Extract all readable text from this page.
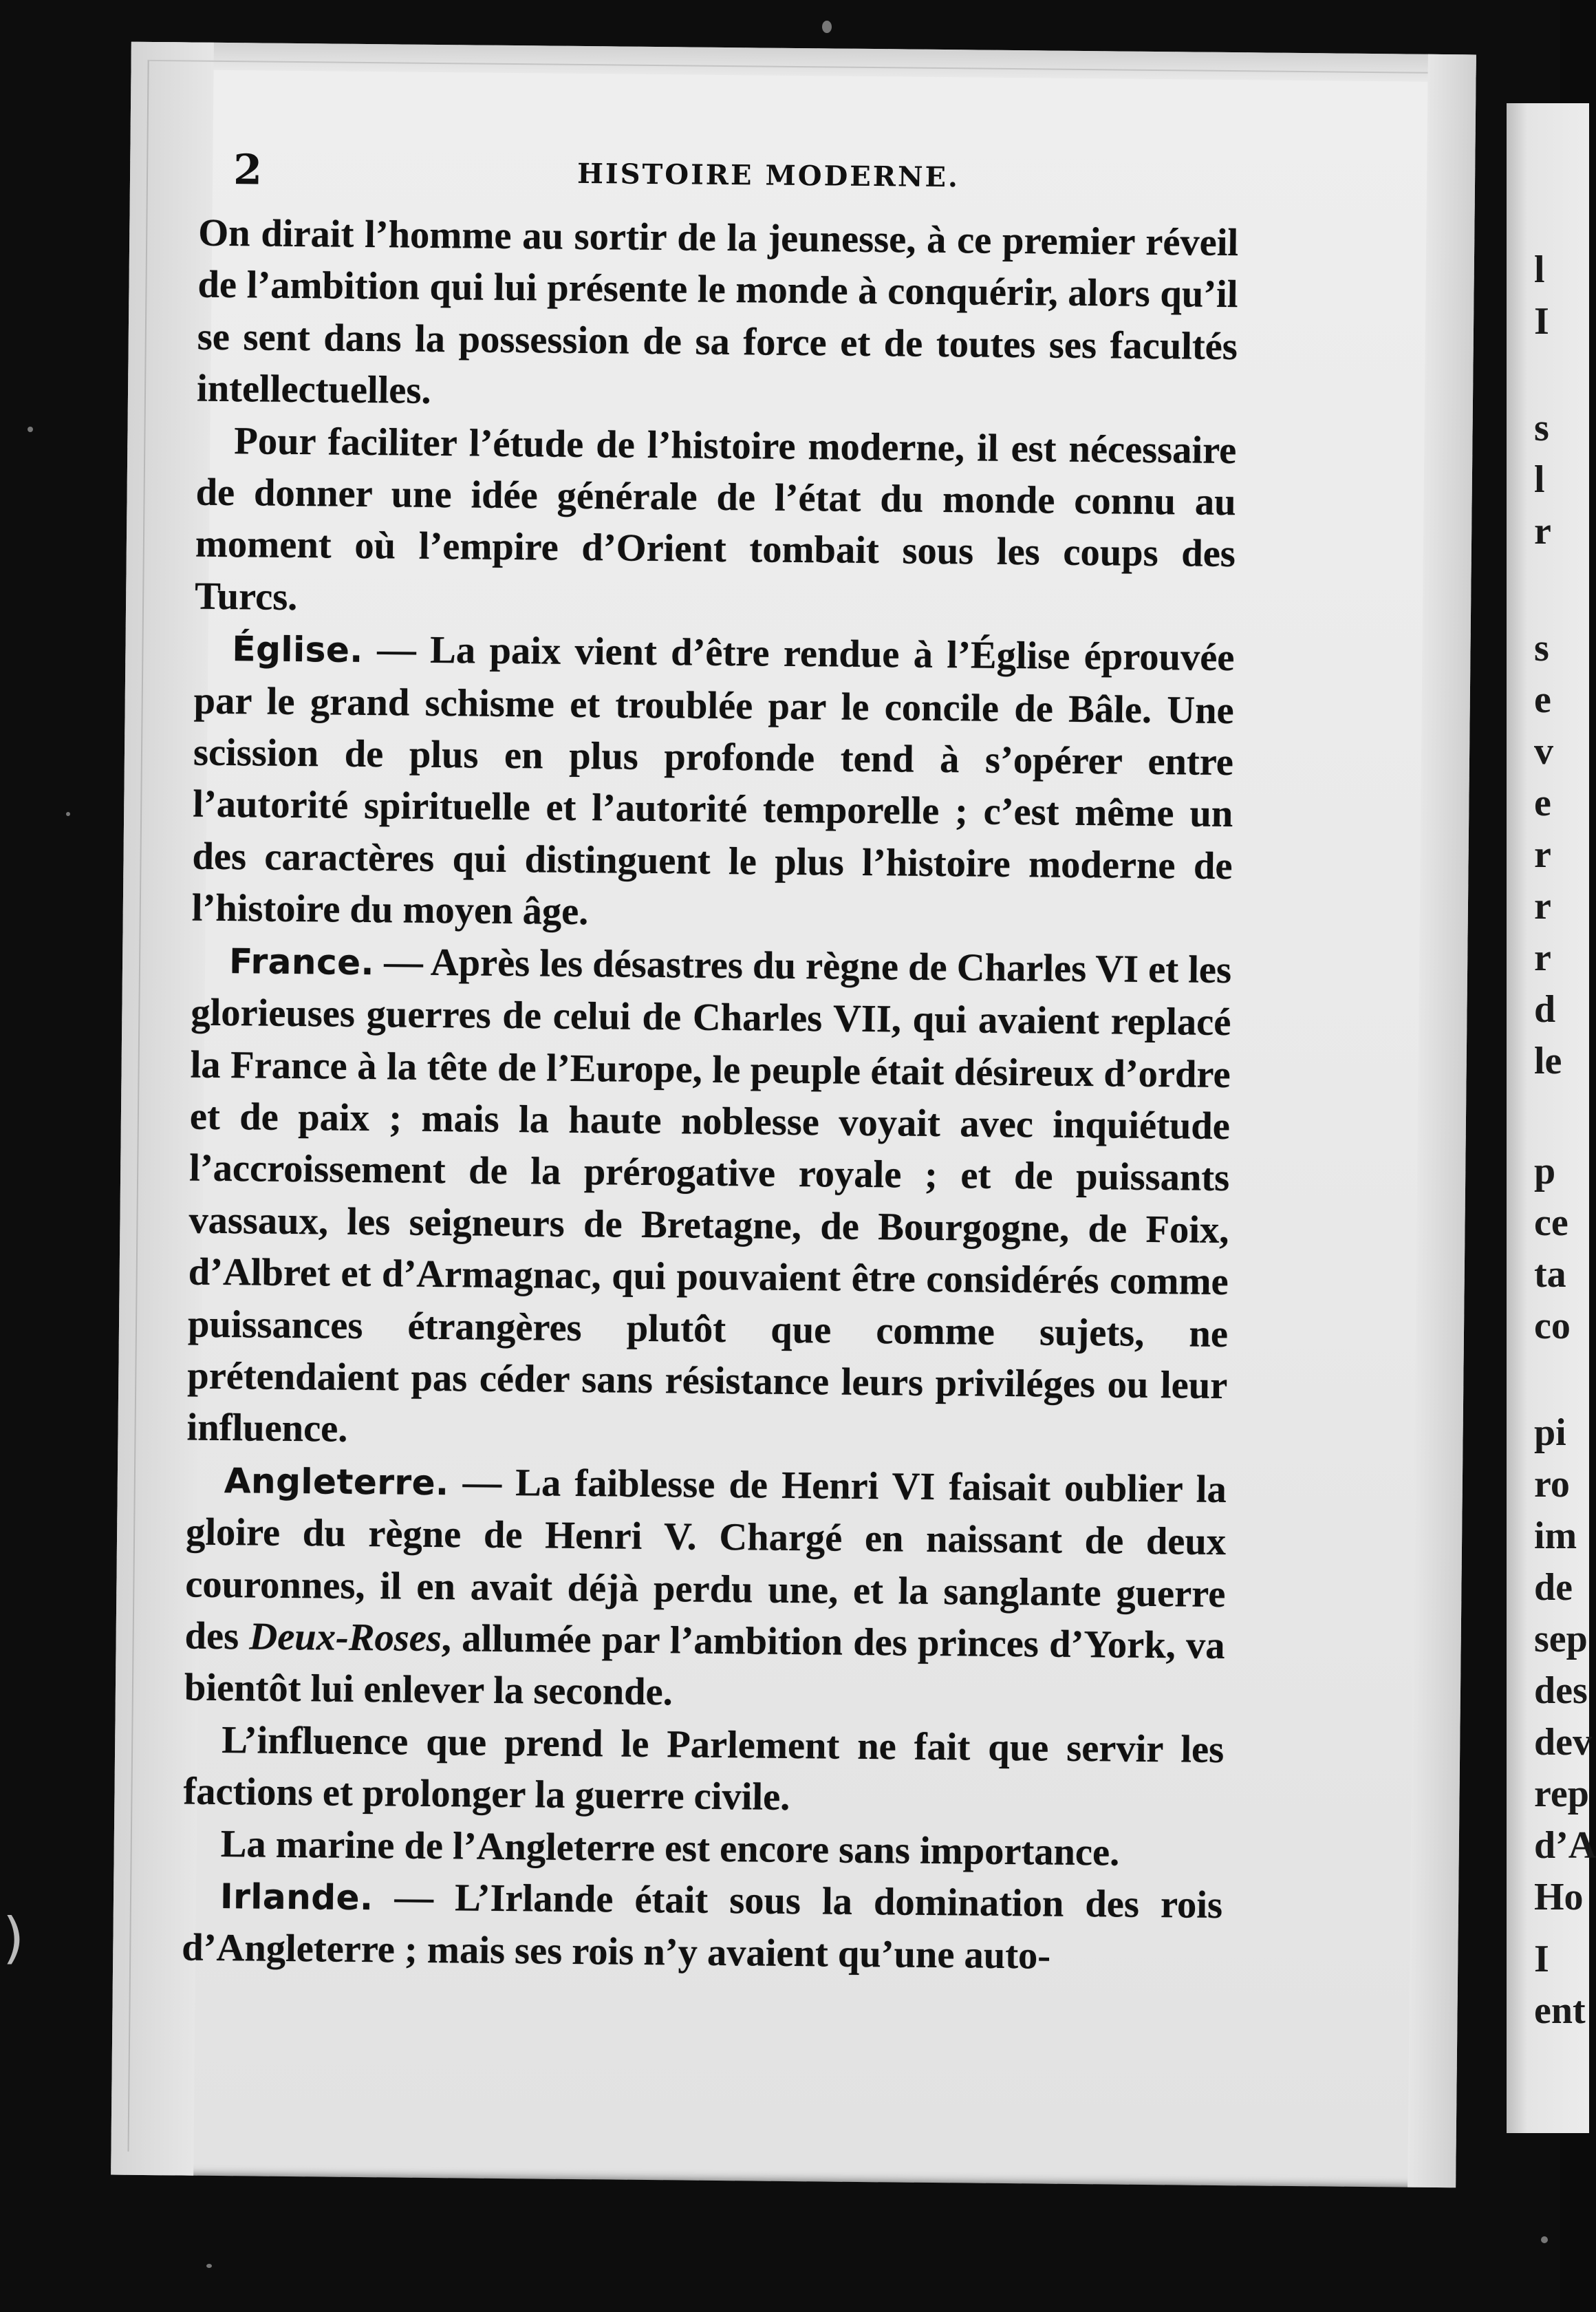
)
2	HISTOIRE MODERNE.

On dirait l’homme au sortir de la jeunesse, à ce premier réveil de l’ambition qui lui présente le monde à conquérir, alors qu’il se sent dans la possession de sa force et de toutes ses facultés intellectuelles.

Pour faciliter l’étude de l’histoire moderne, il est nécessaire de donner une idée générale de l’état du monde connu au moment où l’empire d’Orient tombait sous les coups des Turcs.

Église. — La paix vient d’être rendue à l’Église éprouvée par le grand schisme et troublée par le concile de Bâle. Une scission de plus en plus profonde tend à s’opérer entre l’autorité spirituelle et l’autorité temporelle ; c’est même un des caractères qui distinguent le plus l’histoire moderne de l’histoire du moyen âge.

France. — Après les désastres du règne de Charles VI et les glorieuses guerres de celui de Charles VII, qui avaient replacé la France à la tête de l’Europe, le peuple était désireux d’ordre et de paix ; mais la haute noblesse voyait avec inquiétude l’accroissement de la prérogative royale ; et de puissants vassaux, les seigneurs de Bretagne, de Bourgogne, de Foix, d’Albret et d’Armagnac, qui pouvaient être considérés comme puissances étrangères plutôt que comme sujets, ne prétendaient pas céder sans résistance leurs priviléges ou leur influence.

Angleterre. — La faiblesse de Henri VI faisait oublier la gloire du règne de Henri V. Chargé en naissant de deux couronnes, il en avait déjà perdu une, et la sanglante guerre des Deux-Roses, allumée par l’ambition des princes d’York, va bientôt lui enlever la seconde.

L’influence que prend le Parlement ne fait que servir les factions et prolonger la guerre civile.

La marine de l’Angleterre est encore sans importance.

Irlande. — L’Irlande était sous la domination des rois d’Angleterre ; mais ses rois n’y avaient qu’une auto-

l
I
s
l
r
s
e
v
e
r
r
r
d
le
p
ce
ta
co
pi
ro
im
de
sep
des
dev
rep
d’A
Ho
I
ent
